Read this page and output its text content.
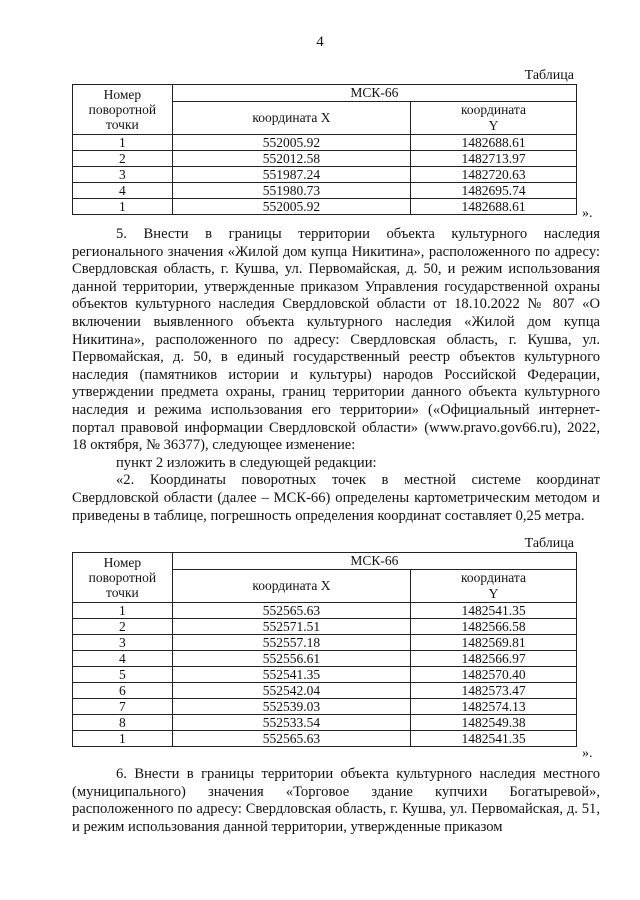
4
Таблица
Номер поворотной точки	МСК-66	
	координата X	координата Y
1	552005.92	1482688.61
2	552012.58	1482713.97
3	551987.24	1482720.63
4	551980.73	1482695.74
1	552005.92	1482688.61	».

5. Внести в границы территории объекта культурного наследия регионального значения «Жилой дом купца Никитина», расположенного по адресу: Свердловская область, г. Кушва, ул. Первомайская, д. 50, и режим использования данной территории, утвержденные приказом Управления государственной охраны объектов культурного наследия Свердловской области от 18.10.2022 № 807 «О включении выявленного объекта культурного наследия «Жилой дом купца Никитина», расположенного по адресу: Свердловская область, г. Кушва, ул. Первомайская, д. 50, в единый государственный реестр объектов культурного наследия (памятников истории и культуры) народов Российской Федерации, утверждении предмета охраны, границ территории данного объекта культурного наследия и режима использования его территории» («Официальный интернет-портал правовой информации Свердловской области» (www.pravo.gov66.ru), 2022, 18 октября, № 36377), следующее изменение:

пункт 2 изложить в следующей редакции:

«2. Координаты поворотных точек в местной системе координат Свердловской области (далее – МСК-66) определены картометрическим методом и приведены в таблице, погрешность определения координат составляет 0,25 метра.

Таблица
Номер поворотной точки	МСК-66	
	координата X	координата Y
1	552565.63	1482541.35
2	552571.51	1482566.58
3	552557.18	1482569.81
4	552556.61	1482566.97
5	552541.35	1482570.40
6	552542.04	1482573.47
7	552539.03	1482574.13
8	552533.54	1482549.38
1	552565.63	1482541.35
».

6. Внести в границы территории объекта культурного наследия местного (муниципального) значения «Торговое здание купчихи Богатыревой», расположенного по адресу: Свердловская область, г. Кушва, ул. Первомайская, д. 51, и режим использования данной территории, утвержденные приказом
